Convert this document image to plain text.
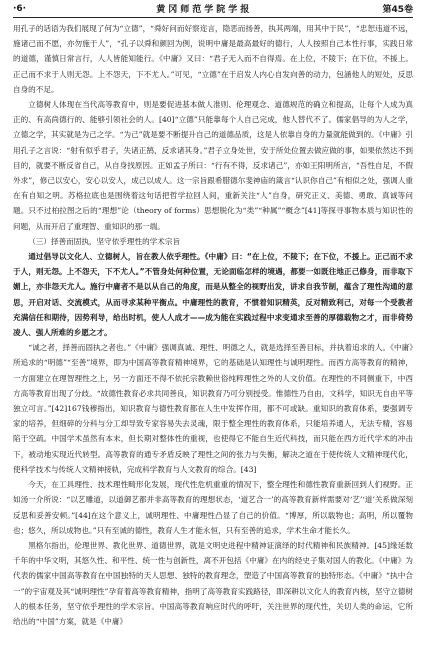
·6·	黄冈师范学院学报	第45卷

用孔子的话语为我们展现了何为“立德”，“舜好问而好察迩言，隐恶而扬善，执其两端，用其中于民”，“忠恕违道不远，施诸己而不愿，亦勿施于人”，“孔子以舜和颜回为例，说明中庸是最高最好的德行，人人按照自己本性行事，实践日常的道德，谨慎日常言行，人人皆能知能行。《中庸》又曰：“君子无入而不自得焉。在上位，不陵下；在下位，不援上。正己而不求于人则无怨。上不怨天，下不尤人。”可见，“立德”在于启发人内心自发向善的动力，包涵他人的短处，反思自身的不足。

立德树人体现在当代高等教育中，则是要促进基本做人准则、伦理观念、道德规范的确立和提高，让每个人成为真正的、有高尚德行的、能够引领社会的人。[40]“立德”只能靠每个人自己完成，他人替代不了。儒家倡导的为人之学，立德之学，其实就是为己之学。“为己”就是要不断提升自己的道德品质，这是人依靠自身的力量就能做到的。《中庸》引用孔子之言说：“射有似乎君子，失诸正鹄，反求诸其身。”君子立身处世，安于所处位置去做应做的事，如果依然达不到目的，就要不断反省自己，从自身找原因。正如孟子所曰：“行有不得，反求诸己”，亦如王阳明所言，“吾性自足，不假外求”，修己以安心，安心以安人，成己以成人。这一宗旨跟希腊德尔斐神庙的箴言“认识你自己”有相似之处，强调人重在有自知之明。苏格拉底也是围绕着这句话把哲学拉回人间，重新关注“人”自身，研究正义、美德、勇敢、真诚等问题。只不过柏拉图之后的“理想”论（theory of forms）思想脱化为“类”“种属”“概念”[41]等探寻事物本质与知识性的问题，从而开启了重理智、重知识的那一端。

（三）择善而固执，坚守依乎理性的学术宗旨

通过倡导以文化人、立德树人，旨在教人依乎理性。《中庸》曰：“在上位，不陵下；在下位，不援上。正己而不求于人，则无怨。上不怨天，下不尤人。”不管身处何种位置，无论面临怎样的境遇，都要一如既往地正己修身，而非取下媚上，亦非怨天尤人。施行中庸者不是以从自己的角度，而是从整全的视野出发，讲求自我节制，蕴含了理性沟通的意思，开启对话、交流模式，从而寻求某种平衡点。中庸理性的教育，不惯着知识精英，反对精致利己，对每一个受教者充满信任和期待，因势利导，给出时机，使人人成才——成为能在实践过程中求变通求至善的厚德载物之才，而非倚势凌人、强人所难的乡愿之才。

“诚之者，择善而固执之者也。”《中庸》强调真诚、理性、明德之人，就是选择至善目标，并执着追求的人。《中庸》所追求的“明德”“至善”境界，即为中国高等教育精神境界，它的基础是认知理性与诚明理性。而西方高等教育的精神，一方面建立在理智理性之上，另一方面还不得不依托宗教赖世俗纯粹理性之外的人文价值。在理性的不同侧重下，中西方高等教育出现了分歧。“故德性教育必求共同善良，知识教育乃可分别授受。惟德性乃自由，文科学，知识无自由平等独立可言。”[42]167钱穆指出，知识教育与德性教育都在人生中发挥作用，都不可或缺。重知识的教育体系，要强调专家的培养，但细碎的分科与分工却导致专家容易失去灵魂，限于整全理性的教育体系，只能培养通人，无法专精，容易陷于空疏。中国学术虽然有本末，但长期对整体性的重视，也使得它不能自生近代科技，而只能在西方近代学术的冲击下，被动地实现近代转型。高等教育的通专矛盾反映了理性之间的张力与失衡，解决之道在于使传统人文精神现代化，使科学技术与传统人文精神接轨，完成科学教育与人文教育的综合。[43]

今天，在工具理性、技术理性畸形化发展，现代性危机重重的情况下，整全理性和德性教育重新回到人们视野。正如汤一介所说：“以艺雕道，以道御艺都并非高等教育的理想状态，‘道艺合一’的高等教育新样需要对‘艺’‘道’关系做深刻反思和妥善安顿。”[44]在这个意义上，诚明理性、中庸理性凸显了自己的价值。“博厚，所以载物也；高明，所以覆物也；悠久，所以成物也。”只有至诚的德性，教育人生才能永恒，只有至善的追求，学术生命才能长久。

黑格尔指出，伦理世界、教化世界、道德世界，就是文明史进程中精神证演绎的时代精神和民族精神。[45]缘延数千年的中华文明，其悠久性、和平性、统一性与创新性，离不开包括《中庸》在内的经史子集对国人的教化。《中庸》为代表的儒家中国高等教育在中国独特的天人思想、独特的教育理念，塑造了中国高等教育的独特形态。《中庸》“执中合一”的宇宙观及其“诚明理性”孕育着高等教育精神，指明了高等教育实践路径，即深耕以文化人的教育内核，坚守立德树人的根本任务，坚守依乎理性的学术宗旨。中国高等教育响应时代的呼吁，关注世界的现代性，关切人类的命运，它所给出的“中国”方案，就是《中庸》
